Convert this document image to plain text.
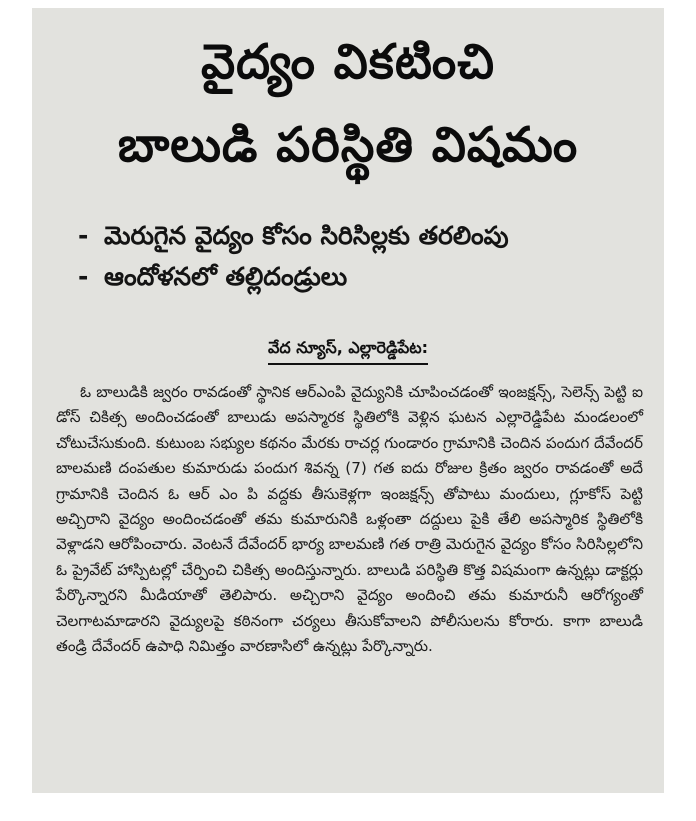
వైద్యం వికటించి
బాలుడి పరిస్థితి విషమం
- మెరుగైన వైద్యం కోసం సిరిసిల్లకు తరలింపు
- ఆందోళనలో తల్లిదండ్రులు
వేద న్యూస్, ఎల్లారెడ్డిపేట:

ఓ బాలుడికి జ్వరం రావడంతో స్థానిక ఆర్ఎంపి వైద్యునికి చూపించడంతో ఇంజక్షన్స్, సెలెన్స్ పెట్టి ఐ డోస్ చికిత్స అందించడంతో బాలుడు అపస్మారక స్థితిలోకి వెళ్లిన ఘటన ఎల్లారెడ్డిపేట మండలంలో చోటుచేసుకుంది. కుటుంబ సభ్యుల కథనం మేరకు రాచర్ల గుండారం గ్రామానికి చెందిన పందుగ దేవేందర్ బాలమణి దంపతుల కుమారుడు పందుగ శివన్న (7) గత ఐదు రోజుల క్రితం జ్వరం రావడంతో అదే గ్రామానికి చెందిన ఓ ఆర్ ఎం పి వద్దకు తీసుకెళ్లగా ఇంజక్షన్స్ తోపాటు మందులు, గ్లూకోస్ పెట్టి అచ్చిరాని వైద్యం అందించడంతో తమ కుమారునికి ఒళ్లంతా దద్దులు పైకి తేలి అపస్మారిక స్థితిలోకి వెళ్లాడని ఆరోపించారు. వెంటనే దేవేందర్ భార్య బాలమణి గత రాత్రి మెరుగైన వైద్యం కోసం సిరిసిల్లలోని ఓ ప్రైవేట్ హాస్పిటల్లో చేర్పించి చికిత్స అందిస్తున్నారు. బాలుడి పరిస్థితి కొత్త విషమంగా ఉన్నట్లు డాక్టర్లు పేర్కొన్నారని మీడియాతో తెలిపారు. అచ్చిరాని వైద్యం అందించి తమ కుమారునీ ఆరోగ్యంతో చెలగాటమాడారని వైద్యులపై కఠినంగా చర్యలు తీసుకోవాలని పోలీసులను కోరారు. కాగా బాలుడి తండ్రి దేవేందర్ ఉపాధి నిమిత్తం వారణాసిలో ఉన్నట్లు పేర్కొన్నారు.
